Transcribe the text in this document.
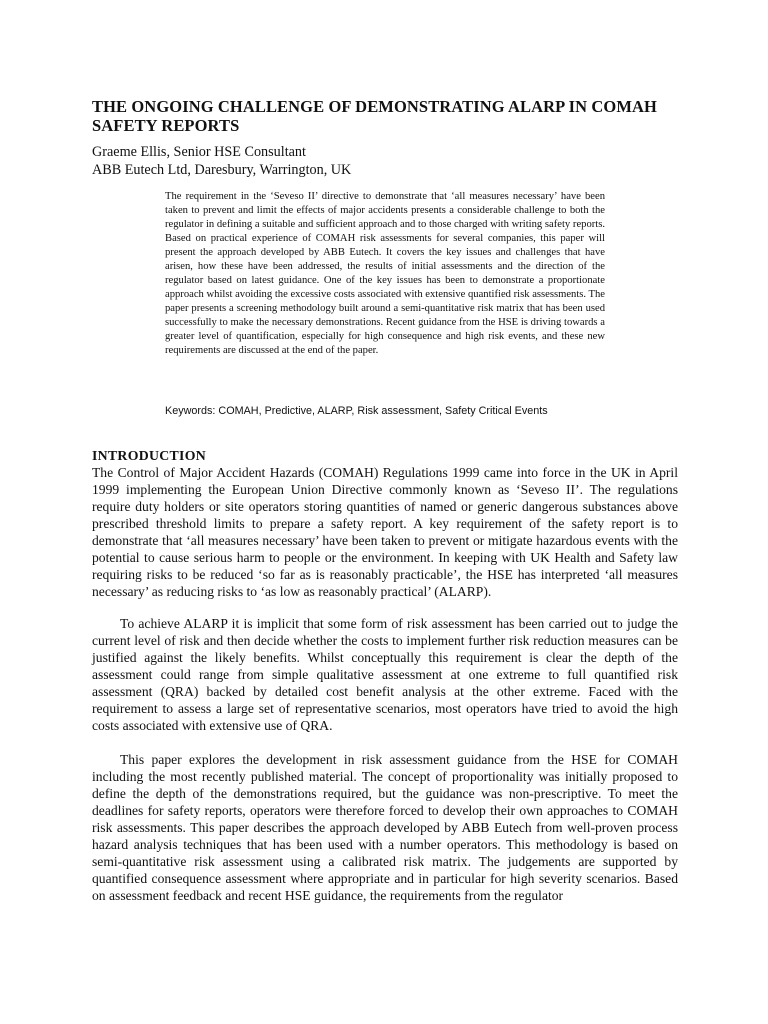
THE ONGOING CHALLENGE OF DEMONSTRATING ALARP IN COMAH SAFETY REPORTS

Graeme Ellis, Senior HSE Consultant

ABB Eutech Ltd, Daresbury, Warrington, UK

The requirement in the ‘Seveso II’ directive to demonstrate that ‘all measures necessary’ have been taken to prevent and limit the effects of major accidents presents a considerable challenge to both the regulator in defining a suitable and sufficient approach and to those charged with writing safety reports. Based on practical experience of COMAH risk assessments for several companies, this paper will present the approach developed by ABB Eutech. It covers the key issues and challenges that have arisen, how these have been addressed, the results of initial assessments and the direction of the regulator based on latest guidance. One of the key issues has been to demonstrate a proportionate approach whilst avoiding the excessive costs associated with extensive quantified risk assessments. The paper presents a screening methodology built around a semi-quantitative risk matrix that has been used successfully to make the necessary demonstrations. Recent guidance from the HSE is driving towards a greater level of quantification, especially for high consequence and high risk events, and these new requirements are discussed at the end of the paper.

Keywords: COMAH, Predictive, ALARP, Risk assessment, Safety Critical Events

INTRODUCTION

The Control of Major Accident Hazards (COMAH) Regulations 1999 came into force in the UK in April 1999 implementing the European Union Directive commonly known as ‘Seveso II’. The regulations require duty holders or site operators storing quantities of named or generic dangerous substances above prescribed threshold limits to prepare a safety report. A key requirement of the safety report is to demonstrate that ‘all measures necessary’ have been taken to prevent or mitigate hazardous events with the potential to cause serious harm to people or the environment. In keeping with UK Health and Safety law requiring risks to be reduced ‘so far as is reasonably practicable’, the HSE has interpreted ‘all measures necessary’ as reducing risks to ‘as low as reasonably practical’ (ALARP).

To achieve ALARP it is implicit that some form of risk assessment has been carried out to judge the current level of risk and then decide whether the costs to implement further risk reduction measures can be justified against the likely benefits. Whilst conceptually this requirement is clear the depth of the assessment could range from simple qualitative assessment at one extreme to full quantified risk assessment (QRA) backed by detailed cost benefit analysis at the other extreme. Faced with the requirement to assess a large set of representative scenarios, most operators have tried to avoid the high costs associated with extensive use of QRA.

This paper explores the development in risk assessment guidance from the HSE for COMAH including the most recently published material. The concept of proportionality was initially proposed to define the depth of the demonstrations required, but the guidance was non-prescriptive. To meet the deadlines for safety reports, operators were therefore forced to develop their own approaches to COMAH risk assessments. This paper describes the approach developed by ABB Eutech from well-proven process hazard analysis techniques that has been used with a number operators. This methodology is based on semi-quantitative risk assessment using a calibrated risk matrix. The judgements are supported by quantified consequence assessment where appropriate and in particular for high severity scenarios. Based on assessment feedback and recent HSE guidance, the requirements from the regulator
